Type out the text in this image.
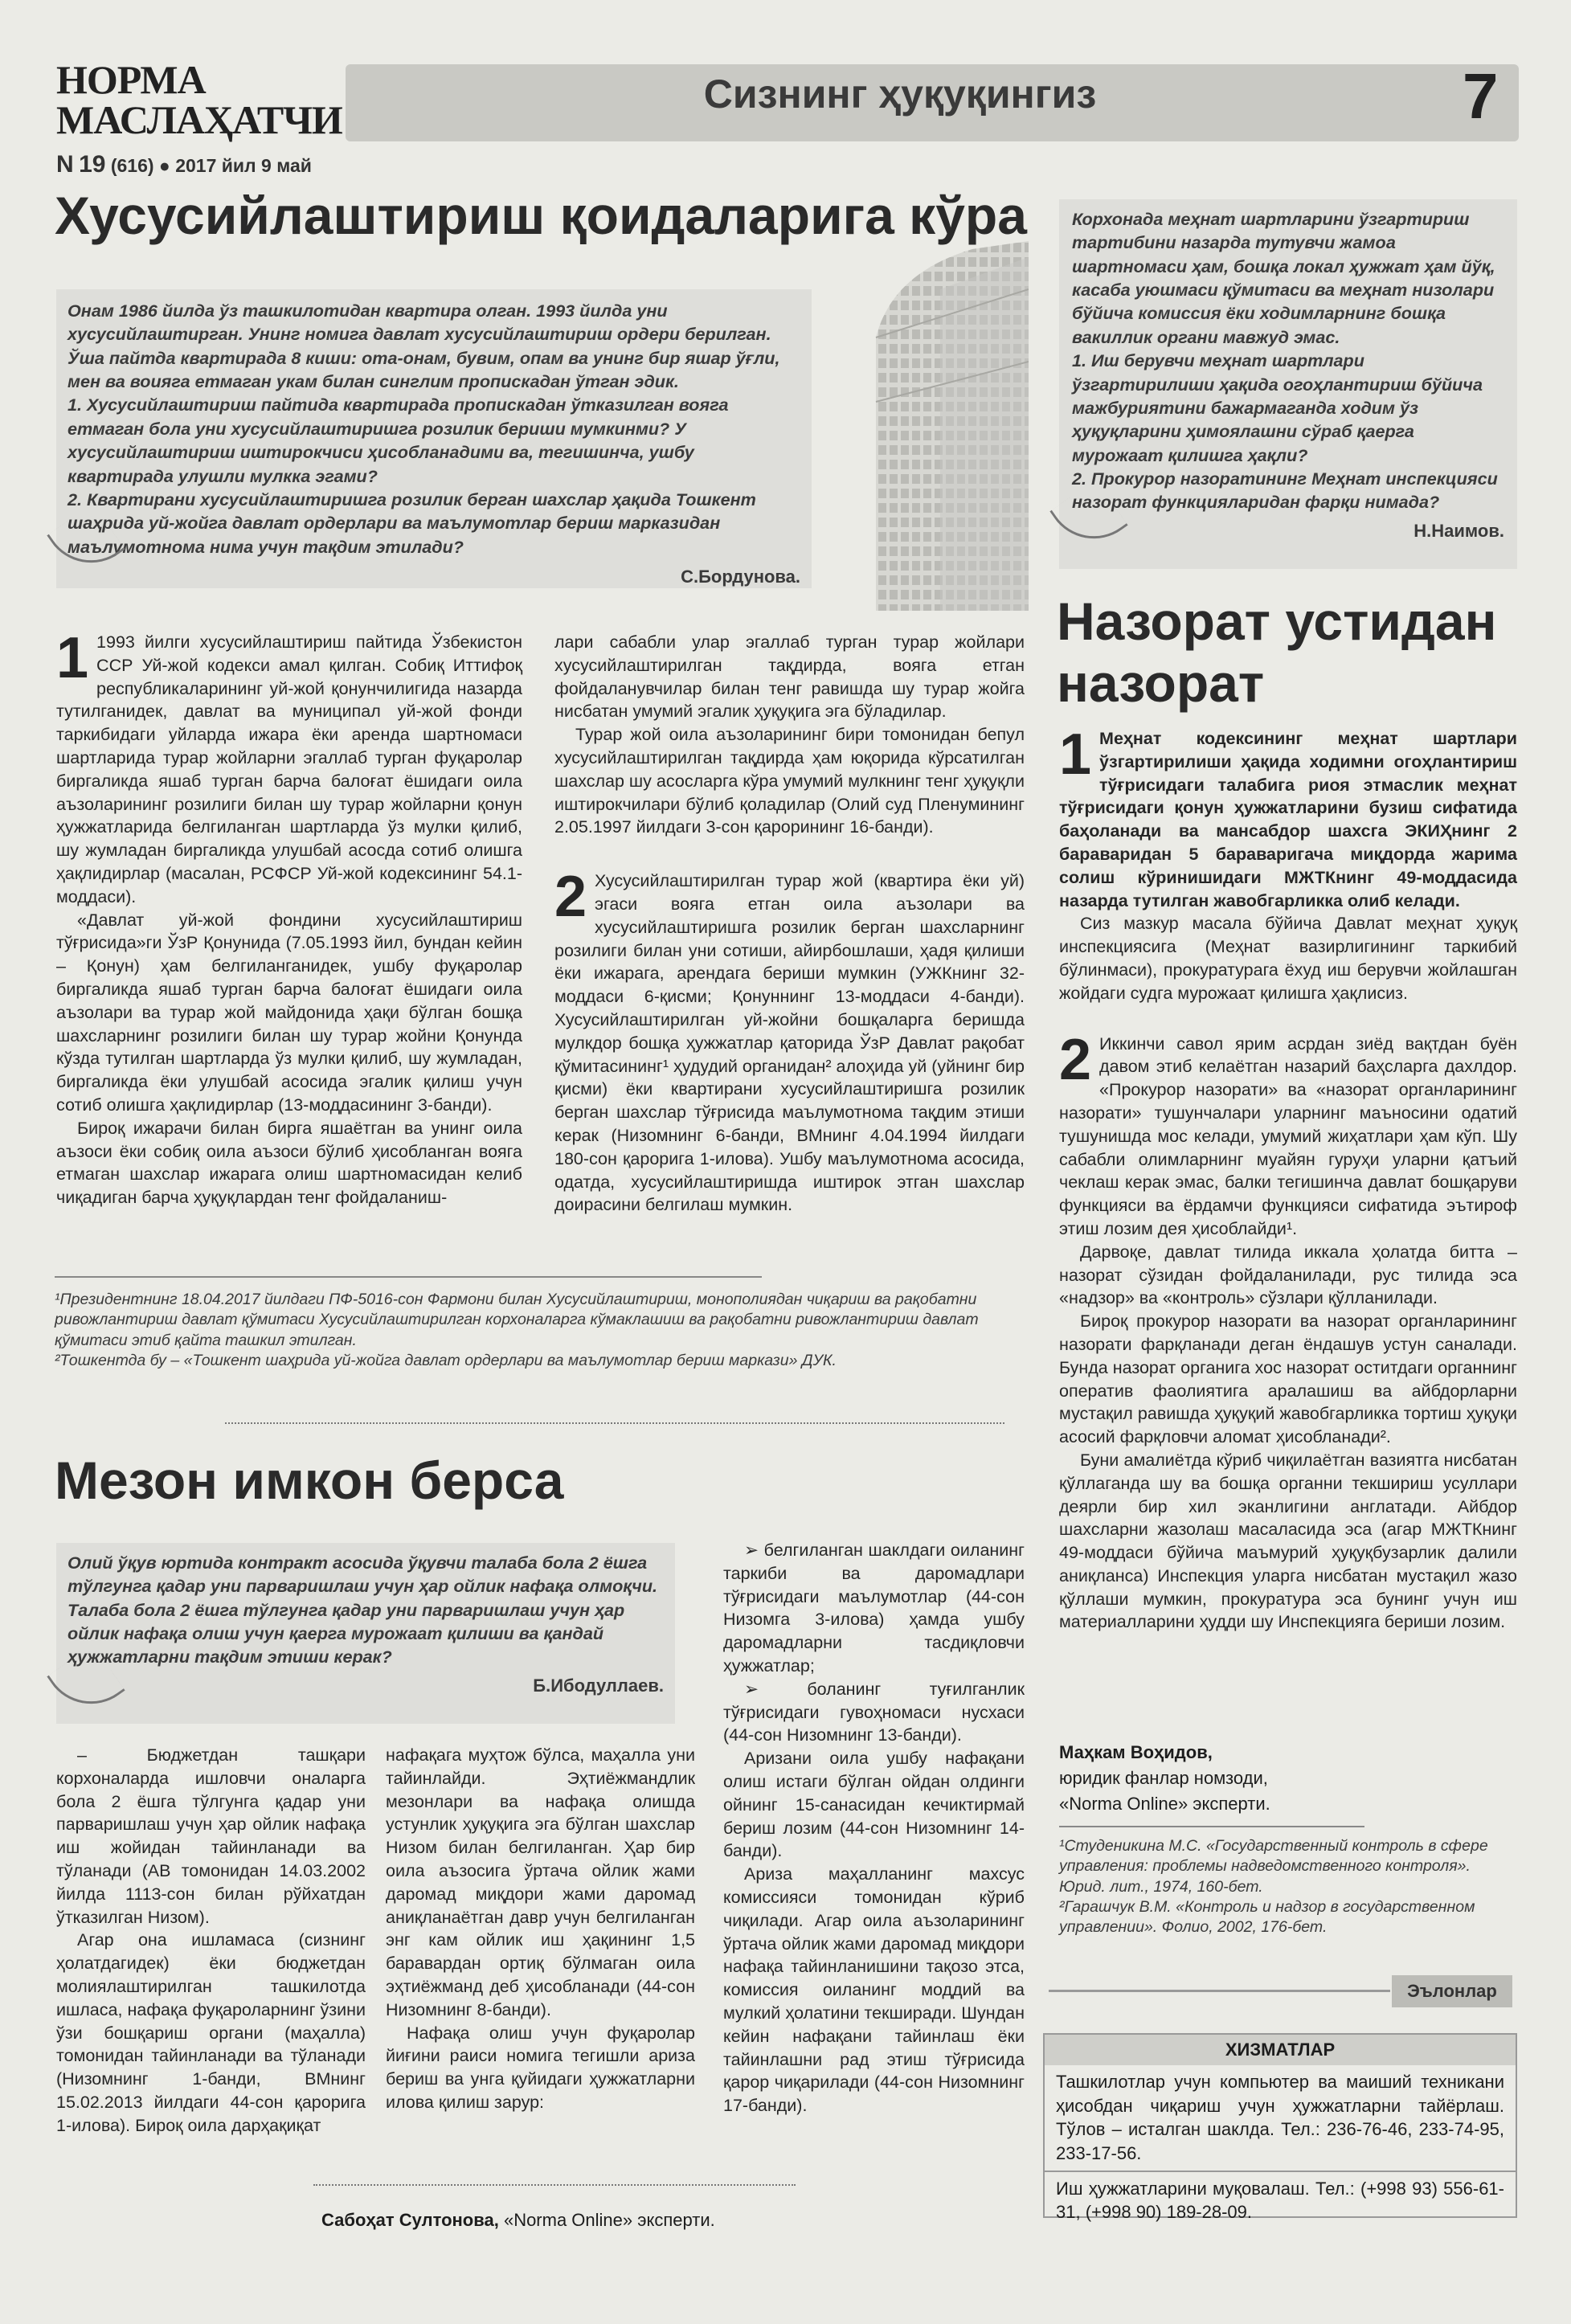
НОРМА МАСЛАҲАТЧИ
N 19 (616) ● 2017 йил 9 май
Сизнинг ҳуқуқингиз	7
Хусусийлаштириш қоидаларига кўра

Онам 1986 йилда ўз ташкилотидан квартира олган. 1993 йилда уни хусусийлаштирган. Унинг номига давлат хусусийлаштириш ордери берилган. Ўша пайтда квартирада 8 киши: ота-онам, бувим, опам ва унинг бир яшар ўғли, мен ва воияга етмаган укам билан синглим пропискадан ўтган эдик.

1. Хусусийлаштириш пайтида квартирада пропискадан ўтказилган вояга етмаган бола уни хусусийлаштиришга розилик бериши мумкинми? У хусусийлаштириш иштирокчиси ҳисобланадими ва, тегишинча, ушбу квартирада улушли мулкка эгами?

2. Квартирани хусусийлаштиришга розилик берган шахслар ҳақида Тошкент шаҳрида уй-жойга давлат ордерлари ва маълумотлар бериш марказидан маълумотнома нима учун тақдим этилади?

С.Бордунова.
1 1993 йилги хусусийлаштириш пайтида Ўзбекистон ССР Уй-жой кодекси амал қилган. Собиқ Иттифоқ республикаларининг уй-жой қонунчилигида назарда тутилганидек, давлат ва муниципал уй-жой фонди таркибидаги уйларда ижара ёки аренда шартномаси шартларида турар жойларни эгаллаб турган фуқаролар биргаликда яшаб турган барча балоғат ёшидаги оила аъзоларининг розилиги билан шу турар жойларни қонун ҳужжатларида белгиланган шартларда ўз мулки қилиб, шу жумладан биргаликда улушбай асосда сотиб олишга ҳақлидирлар (масалан, РСФСР Уй-жой кодексининг 54.1-моддаси).

«Давлат уй-жой фондини хусусийлаштириш тўғрисида»ги ЎзР Қонунида (7.05.1993 йил, бундан кейин – Қонун) ҳам белгиланганидек, ушбу фуқаролар биргаликда яшаб турган барча балоғат ёшидаги оила аъзолари ва турар жой майдонида ҳақи бўлган бошқа шахсларнинг розилиги билан шу турар жойни Қонунда кўзда тутилган шартларда ўз мулки қилиб, шу жумладан, биргаликда ёки улушбай асосида эгалик қилиш учун сотиб олишга ҳақлидирлар (13-моддасининг 3-банди).

Бироқ ижарачи билан бирга яшаётган ва унинг оила аъзоси ёки собиқ оила аъзоси бўлиб ҳисобланган вояга етмаган шахслар ижарага олиш шартномасидан келиб чиқадиган барча ҳуқуқлардан тенг фойдаланиш-

лари сабабли улар эгаллаб турган турар жойлари хусусийлаштирилган тақдирда, вояга етган фойдаланувчилар билан тенг равишда шу турар жойга нисбатан умумий эгалик ҳуқуқига эга бўладилар.

Турар жой оила аъзоларининг бири томонидан бепул хусусийлаштирилган тақдирда ҳам юқорида кўрсатилган шахслар шу асосларга кўра умумий мулкнинг тенг ҳуқуқли иштирокчилари бўлиб қоладилар (Олий суд Пленумининг 2.05.1997 йилдаги 3-сон қарорининг 16-банди).

2 Хусусийлаштирилган турар жой (квартира ёки уй) эгаси вояга етган оила аъзолари ва хусусийлаштиришга розилик берган шахсларнинг розилиги билан уни сотиши, айирбошлаши, ҳадя қилиши ёки ижарага, арендага бериши мумкин (УЖКнинг 32-моддаси 6-қисми; Қонуннинг 13-моддаси 4-банди). Хусусийлаштирилган уй-жойни бошқаларга беришда мулкдор бошқа ҳужжатлар қаторида ЎзР Давлат рақобат қўмитасининг¹ ҳудудий органидан² алоҳида уй (уйнинг бир қисми) ёки квартирани хусусийлаштиришга розилик берган шахслар тўғрисида маълумотнома тақдим этиши керак (Низомнинг 6-банди, ВМнинг 4.04.1994 йилдаги 180-сон қарорига 1-илова). Ушбу маълумотнома асосида, одатда, хусусийлаштиришда иштирок этган шахслар доирасини белгилаш мумкин.

¹Президентнинг 18.04.2017 йилдаги ПФ-5016-сон Фармони билан Хусусийлаштириш, монополиядан чиқариш ва рақобатни ривожлантириш давлат қўмитаси Хусусийлаштирилган корхоналарга кўмаклашиш ва рақобатни ривожлантириш давлат қўмитаси этиб қайта ташкил этилган.
²Тошкентда бу – «Тошкент шаҳрида уй-жойга давлат ордерлари ва маълумотлар бериш маркази» ДУК.

Корхонада меҳнат шартларини ўзгартириш тартибини назарда тутувчи жамоа шартномаси ҳам, бошқа локал ҳужжат ҳам йўқ, касаба уюшмаси қўмитаси ва меҳнат низолари бўйича комиссия ёки ходимларнинг бошқа вакиллик органи мавжуд эмас.

1. Иш берувчи меҳнат шартлари ўзгартирилиши ҳақида огоҳлантириш бўйича мажбуриятини бажармаганда ходим ўз ҳуқуқларини ҳимоялашни сўраб қаерга мурожаат қилишга ҳақли?

2. Прокурор назоратининг Меҳнат инспекцияси назорат функцияларидан фарқи нимада?

Н.Наимов.
Назорат устидан назорат
1 Меҳнат кодексининг меҳнат шартлари ўзгартирилиши ҳақида ходимни огоҳлантириш тўғрисидаги талабига риоя этмаслик меҳнат тўғрисидаги қонун ҳужжатларини бузиш сифатида баҳоланади ва мансабдор шахсга ЭКИҲнинг 2 бараваридан 5 бараваригача миқдорда жарима солиш кўринишидаги МЖТКнинг 49-моддасида назарда тутилган жавобгарликка олиб келади.

Сиз мазкур масала бўйича Давлат меҳнат ҳуқуқ инспекциясига (Меҳнат вазирлигининг таркибий бўлинмаси), прокуратурага ёхуд иш берувчи жойлашган жойдаги судга мурожаат қилишга ҳақлисиз.

2 Иккинчи савол ярим асрдан зиёд вақтдан буён давом этиб келаётган назарий баҳсларга дахлдор. «Прокурор назорати» ва «назорат органларининг назорати» тушунчалари уларнинг маъносини одатий тушунишда мос келади, умумий жиҳатлари ҳам кўп. Шу сабабли олимларнинг муайян гуруҳи уларни қатъий чеклаш керак эмас, балки тегишинча давлат бошқаруви функцияси ва ёрдамчи функцияси сифатида эътироф этиш лозим дея ҳисоблайди¹.

Дарвоқе, давлат тилида иккала ҳолатда битта – назорат сўзидан фойдаланилади, рус тилида эса «надзор» ва «контроль» сўзлари қўлланилади.

Бироқ прокурор назорати ва назорат органларининг назорати фарқланади деган ёндашув устун саналади. Бунда назорат органига хос назорат оститдаги органнинг оператив фаолиятига аралашиш ва айбдорларни мустақил равишда ҳуқуқий жавобгарликка тортиш ҳуқуқи асосий фарқловчи аломат ҳисобланади².

Буни амалиётда кўриб чиқилаётган вазиятга нисбатан қўллаганда шу ва бошқа органни текшириш усуллари деярли бир хил эканлигини англатади. Айбдор шахсларни жазолаш масаласида эса (агар МЖТКнинг 49-моддаси бўйича маъмурий ҳуқуқбузарлик далили аниқланса) Инспекция уларга нисбатан мустақил жазо қўллаши мумкин, прокуратура эса бунинг учун иш материалларини ҳудди шу Инспекцияга бериши лозим.

Маҳкам Воҳидов,
юридик фанлар номзоди,
«Norma Online» эксперти.
¹Студеникина М.С. «Государственный контроль в сфере управления: проблемы надведомственного контроля». Юрид. лит., 1974, 160-бет.
²Гарашчук В.М. «Контроль и надзор в государственном управлении». Фолио, 2002, 176-бет.
Эълонлар
ХИЗМАТЛАР
Ташкилотлар учун компьютер ва маиший техникани ҳисобдан чиқариш учун ҳужжатларни тайёрлаш. Тўлов – исталган шаклда. Тел.: 236-76-46, 233-74-95, 233-17-56.
Иш ҳужжатларини муқовалаш. Тел.: (+998 93) 556-61-31, (+998 90) 189-28-09.
Мезон имкон берса

Олий ўқув юртида контракт асосида ўқувчи талаба бола 2 ёшга тўлгунга қадар уни парваришлаш учун ҳар ойлик нафақа олмоқчи.

Талаба бола 2 ёшга тўлгунга қадар уни парваришлаш учун ҳар ойлик нафақа олиш учун қаерга мурожаат қилиши ва қандай ҳужжатларни тақдим этиши керак?

Б.Ибодуллаев.

– Бюджетдан ташқари корхоналарда ишловчи оналарга бола 2 ёшга тўлгунга қадар уни парваришлаш учун ҳар ойлик нафақа иш жойидан тайинланади ва тўланади (АВ томонидан 14.03.2002 йилда 1113-сон билан рўйхатдан ўтказилган Низом).

Агар она ишламаса (сизнинг ҳолатдагидек) ёки бюджетдан молиялаштирилган ташкилотда ишласа, нафақа фуқароларнинг ўзини ўзи бошқариш органи (маҳалла) томонидан тайинланади ва тўланади (Низомнинг 1-банди, ВМнинг 15.02.2013 йилдаги 44-сон қарорига 1-илова). Бироқ оила дарҳақиқат

нафақага муҳтож бўлса, маҳалла уни тайинлайди. Эҳтиёжмандлик мезонлари ва нафақа олишда устунлик ҳуқуқига эга бўлган шахслар Низом билан белгиланган. Ҳар бир оила аъзосига ўртача ойлик жами даромад миқдори жами даромад аниқланаётган давр учун белгиланган энг кам ойлик иш ҳақининг 1,5 баравардан ортиқ бўлмаган оила эҳтиёжманд деб ҳисобланади (44-сон Низомнинг 8-банди).

Нафақа олиш учун фуқаролар йиғини раиси номига тегишли ариза бериш ва унга қуйидаги ҳужжатларни илова қилиш зарур:

➢ белгиланган шаклдаги оиланинг таркиби ва даромадлари тўғрисидаги маълумотлар (44-сон Низомга 3-илова) ҳамда ушбу даромадларни тасдиқловчи ҳужжатлар;

➢ боланинг туғилганлик тўғрисидаги гувоҳномаси нусхаси (44-сон Низомнинг 13-банди).

Аризани оила ушбу нафақани олиш истаги бўлган ойдан олдинги ойнинг 15-санасидан кечиктирмай бериш лозим (44-сон Низомнинг 14-банди).

Ариза маҳалланинг махсус комиссияси томонидан кўриб чиқилади. Агар оила аъзоларининг ўртача ойлик жами даромад миқдори нафақа тайинланишини тақозо этса, комиссия оиланинг моддий ва мулкий ҳолатини текширади. Шундан кейин нафақани тайинлаш ёки тайинлашни рад этиш тўғрисида қарор чиқарилади (44-сон Низомнинг 17-банди).

Сабоҳат Султонова, «Norma Online» эксперти.
